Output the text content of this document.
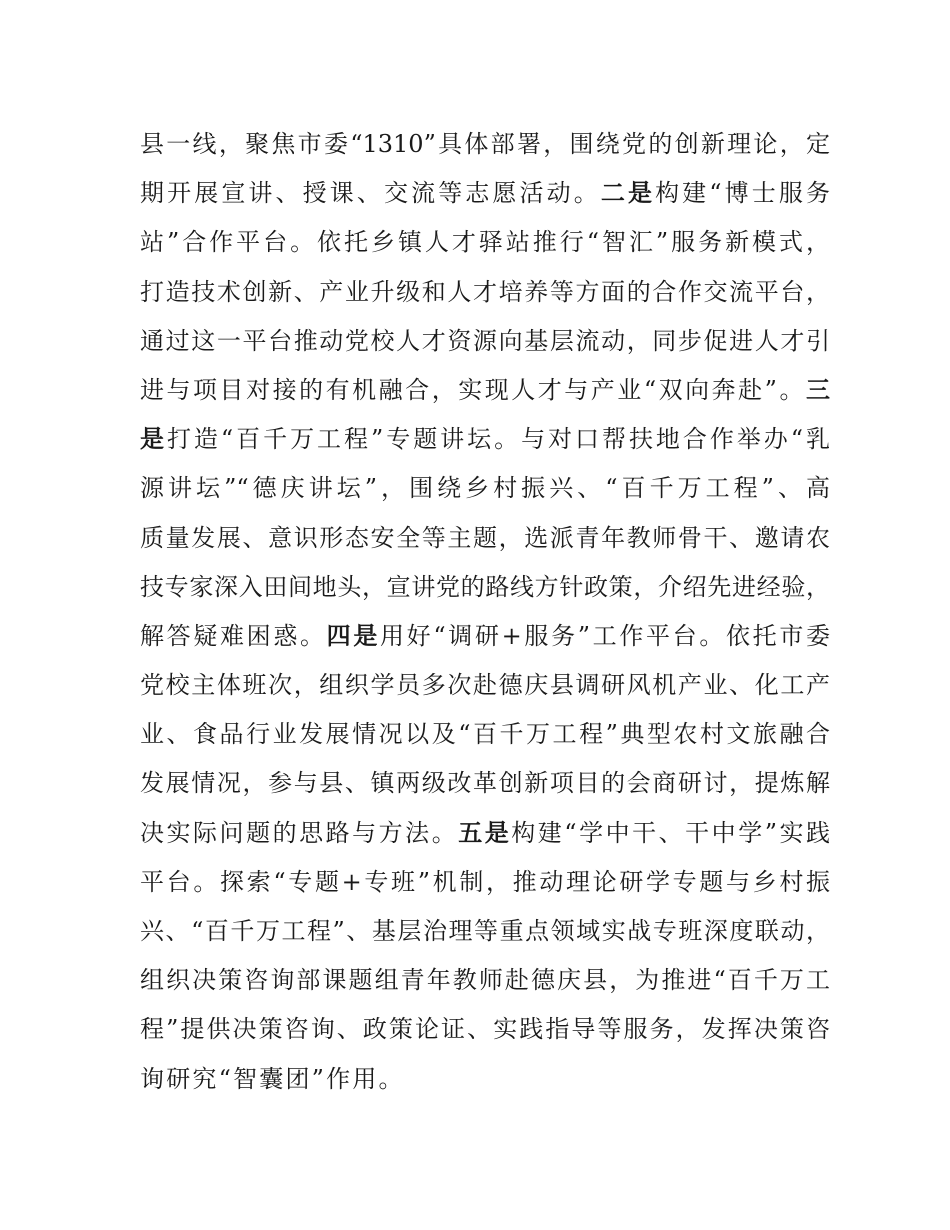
县一线，聚焦市委“1310”具体部署，围绕党的创新理论，定
期开展宣讲、授课、交流等志愿活动。二是构建“博士服务
站”合作平台。依托乡镇人才驿站推行“智汇”服务新模式，
打造技术创新、产业升级和人才培养等方面的合作交流平台，
通过这一平台推动党校人才资源向基层流动，同步促进人才引
进与项目对接的有机融合，实现人才与产业“双向奔赴”。三
是打造“百千万工程”专题讲坛。与对口帮扶地合作举办“乳
源讲坛”“德庆讲坛”，围绕乡村振兴、“百千万工程”、高
质量发展、意识形态安全等主题，选派青年教师骨干、邀请农
技专家深入田间地头，宣讲党的路线方针政策，介绍先进经验，
解答疑难困惑。四是用好“调研+服务”工作平台。依托市委
党校主体班次，组织学员多次赴德庆县调研风机产业、化工产
业、食品行业发展情况以及“百千万工程”典型农村文旅融合
发展情况，参与县、镇两级改革创新项目的会商研讨，提炼解
决实际问题的思路与方法。五是构建“学中干、干中学”实践
平台。探索“专题+专班”机制，推动理论研学专题与乡村振
兴、“百千万工程”、基层治理等重点领域实战专班深度联动，
组织决策咨询部课题组青年教师赴德庆县，为推进“百千万工
程”提供决策咨询、政策论证、实践指导等服务，发挥决策咨
询研究“智囊团”作用。
